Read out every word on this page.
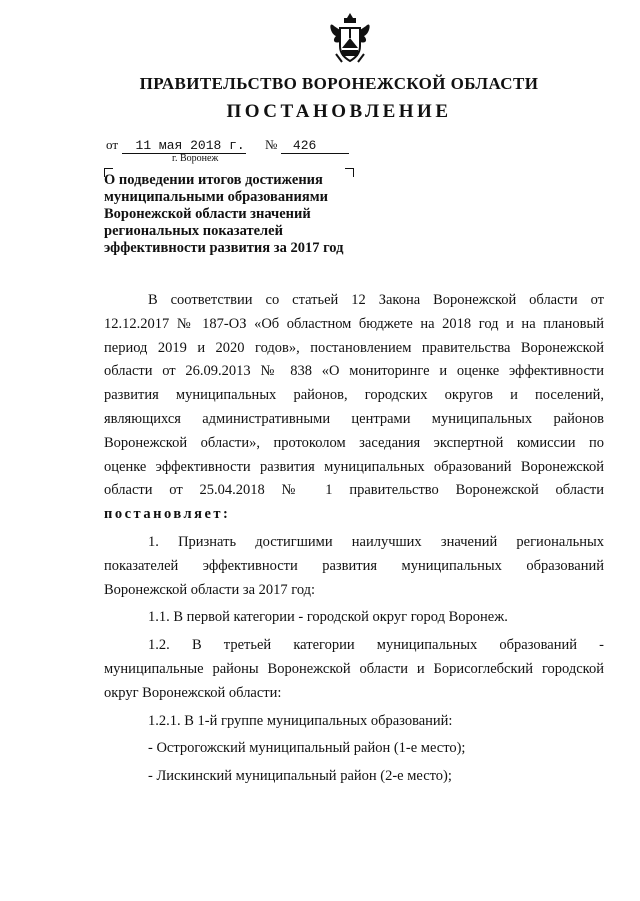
ПРАВИТЕЛЬСТВО ВОРОНЕЖСКОЙ ОБЛАСТИ
ПОСТАНОВЛЕНИЕ
от 11 мая 2018 г. № 426
г. Воронеж
О подведении итогов достижения
муниципальными образованиями
Воронежской области значений
региональных показателей
эффективности развития за 2017 год

В соответствии со статьей 12 Закона Воронежской области от

12.12.2017 № 187-ОЗ «Об областном бюджете на 2018 год и на плановый

период 2019 и 2020 годов», постановлением правительства Воронежской

области от 26.09.2013 № 838 «О мониторинге и оценке эффективности

развития муниципальных районов, городских округов и поселений,

являющихся административными центрами муниципальных районов

Воронежской области», протоколом заседания экспертной комиссии по

оценке эффективности развития муниципальных образований Воронежской

области от 25.04.2018 № 1 правительство Воронежской области

постановляет:

1. Признать достигшими наилучших значений региональных

показателей эффективности развития муниципальных образований

Воронежской области за 2017 год:

1.1. В первой категории - городской округ город Воронеж.

1.2. В третьей категории муниципальных образований -

муниципальные районы Воронежской области и Борисоглебский городской

округ Воронежской области:

1.2.1. В 1-й группе муниципальных образований:

- Острогожский муниципальный район (1-е место);

- Лискинский муниципальный район (2-е место);
